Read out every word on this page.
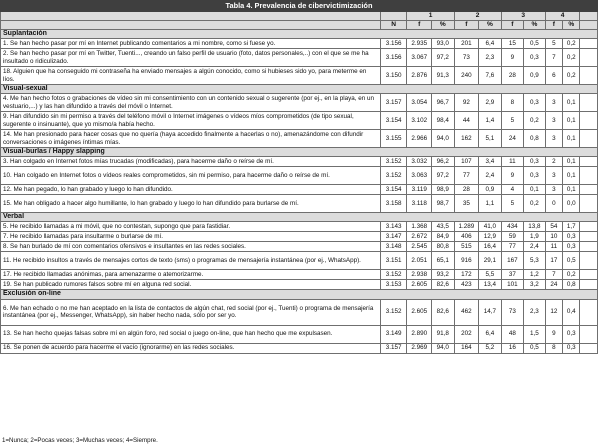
Tabla 4. Prevalencia de cibervictimización										
		1		2		3		4		
	N	f	%	f	%	f	%	f	%	
Suplantación										
1. Se han hecho pasar por mí en Internet publicando comentarios a mi nombre, como si fuese yo.	3.156	2.935	93,0	201	6,4	15	0,5	5	0,2	
2. Se han hecho pasar por mí en Twitter, Tuenti..., creando un falso perfil de usuario (foto, datos personales,..) con el que se me ha insultado o ridiculizado.	3.156	3.067	97,2	73	2,3	9	0,3	7	0,2	
18. Alguien que ha conseguido mi contraseña ha enviado mensajes a algún conocido, como si hubieses sido yo, para meterme en líos.	3.150	2.876	91,3	240	7,6	28	0,9	6	0,2	
Visual-sexual										
4. Me han hecho fotos o grabaciones de vídeo sin mi consentimiento con un contenido sexual o sugerente (por ej., en la playa, en un vestuario,...) y las han difundido a través del móvil o Internet.	3.157	3.054	96,7	92	2,9	8	0,3	3	0,1	
9. Han difundido sin mi permiso a través del teléfono móvil o Internet imágenes o vídeos míos comprometidos (de tipo sexual, sugerente o insinuante), que yo mismo/a había hecho.	3.154	3.102	98,4	44	1,4	5	0,2	3	0,1	
14. Me han presionado para hacer cosas que no quería (haya accedido finalmente a hacerlas o no), amenazándome con difundir conversaciones o imágenes íntimas mías.	3.155	2.966	94,0	162	5,1	24	0,8	3	0,1	
Visual-burlas / Happy slapping										
3. Han colgado en Internet fotos mías trucadas (modificadas), para hacerme daño o reírse de mí.	3.152	3.032	96,2	107	3,4	11	0,3	2	0,1	
10. Han colgado en Internet fotos o vídeos reales comprometidos, sin mi permiso, para hacerme daño o reírse de mí.	3.152	3.063	97,2	77	2,4	9	0,3	3	0,1	
12. Me han pegado, lo han grabado y luego lo han difundido.	3.154	3.119	98,9	28	0,9	4	0,1	3	0,1	
15. Me han obligado a hacer algo humillante, lo han grabado y luego lo han difundido para burlarse de mí.	3.158	3.118	98,7	35	1,1	5	0,2	0	0,0	
Verbal										
5. He recibido llamadas a mi móvil, que no contestan, supongo que para fastidiar.	3.143	1.368	43,5	1.289	41,0	434	13,8	54	1,7	
7. He recibido llamadas para insultarme o burlarse de mí.	3.147	2.672	84,9	406	12,9	59	1,9	10	0,3	
8. Se han burlado de mí con comentarios ofensivos e insultantes en las redes sociales.	3.148	2.545	80,8	515	16,4	77	2,4	11	0,3	
11. He recibido insultos a través de mensajes cortos de texto (sms) o programas de mensajería instantánea (por ej., WhatsApp).	3.151	2.051	65,1	916	29,1	167	5,3	17	0,5	
17. He recibido llamadas anónimas, para amenazarme o atemorizarme.	3.152	2.938	93,2	172	5,5	37	1,2	7	0,2	
19. Se han publicado rumores falsos sobre mí en alguna red social.	3.153	2.605	82,6	423	13,4	101	3,2	24	0,8	
Exclusión on-line										
6. Me han echado o no me han aceptado en la lista de contactos de algún chat, red social (por ej., Tuenti) o programa de mensajería instantánea (por ej., Messenger, WhatsApp), sin haber hecho nada, sólo por ser yo.	3.152	2.605	82,6	462	14,7	73	2,3	12	0,4	
13. Se han hecho quejas falsas sobre mí en algún foro, red social o juego on-line, que han hecho que me expulsasen.	3.149	2.890	91,8	202	6,4	48	1,5	9	0,3	
16. Se ponen de acuerdo para hacerme el vacío (ignorarme) en las redes sociales.	3.157	2.969	94,0	164	5,2	16	0,5	8	0,3	
1=Nunca; 2=Pocas veces; 3=Muchas veces; 4=Siempre.
